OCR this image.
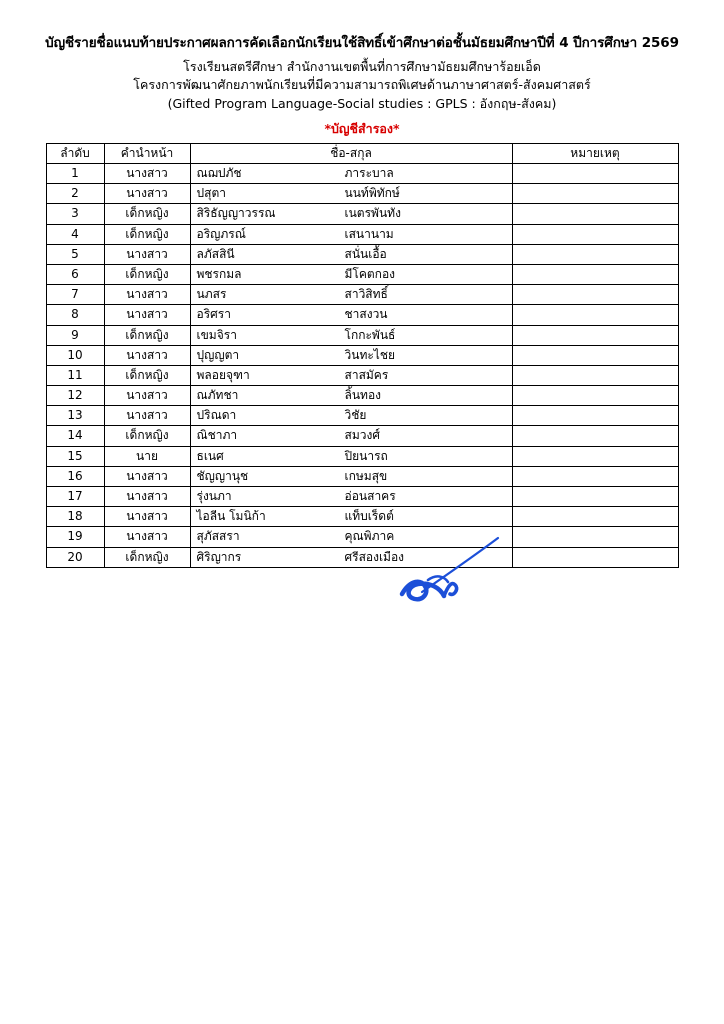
บัญชีรายชื่อแนบท้ายประกาศผลการคัดเลือกนักเรียนใช้สิทธิ์เข้าศึกษาต่อชั้นมัธยมศึกษาปีที่ 4 ปีการศึกษา 2569
โรงเรียนสตรีศึกษา สำนักงานเขตพื้นที่การศึกษามัธยมศึกษาร้อยเอ็ด
โครงการพัฒนาศักยภาพนักเรียนที่มีความสามารถพิเศษด้านภาษาศาสตร์-สังคมศาสตร์
(Gifted Program Language-Social studies : GPLS : อังกฤษ-สังคม)
*บัญชีสำรอง*
ลำดับ	คำนำหน้า	ชื่อ-สกุล	หมายเหตุ
1	นางสาว	ณฌปภัช ภาระบาล	

2	นางสาว	ปสุตา นนท์พิทักษ์	

3	เด็กหญิง	สิริธัญญาวรรณ เนตรพันทัง	

4	เด็กหญิง	อริญภรณ์ เสนานาม	

5	นางสาว	ลภัสสินี สนั่นเอื้อ	

6	เด็กหญิง	พชรกมล มีโคตกอง	

7	นางสาว	นภสร สาวิสิทธิ์	

8	นางสาว	อริศรา ชาสงวน	

9	เด็กหญิง	เขมจิรา โกกะพันธ์	

10	นางสาว	ปุญญตา วินทะไชย	

11	เด็กหญิง	พลอยจุฑา สาสมัคร	

12	นางสาว	ณภัทชา ลิ้นทอง	

13	นางสาว	ปริณดา วิชัย	

14	เด็กหญิง	ณิชาภา สมวงศ์	

15	นาย	ธเนศ ปิยนารถ	

16	นางสาว	ชัญญานุช เกษมสุข	

17	นางสาว	รุ่งนภา อ่อนสาคร	

18	นางสาว	ไอลีน โมนิก้า แท็บเร็ดต์	

19	นางสาว	สุภัสสรา คุณพิภาค	

20	เด็กหญิง	ศิริญากร ศรีสองเมือง	
